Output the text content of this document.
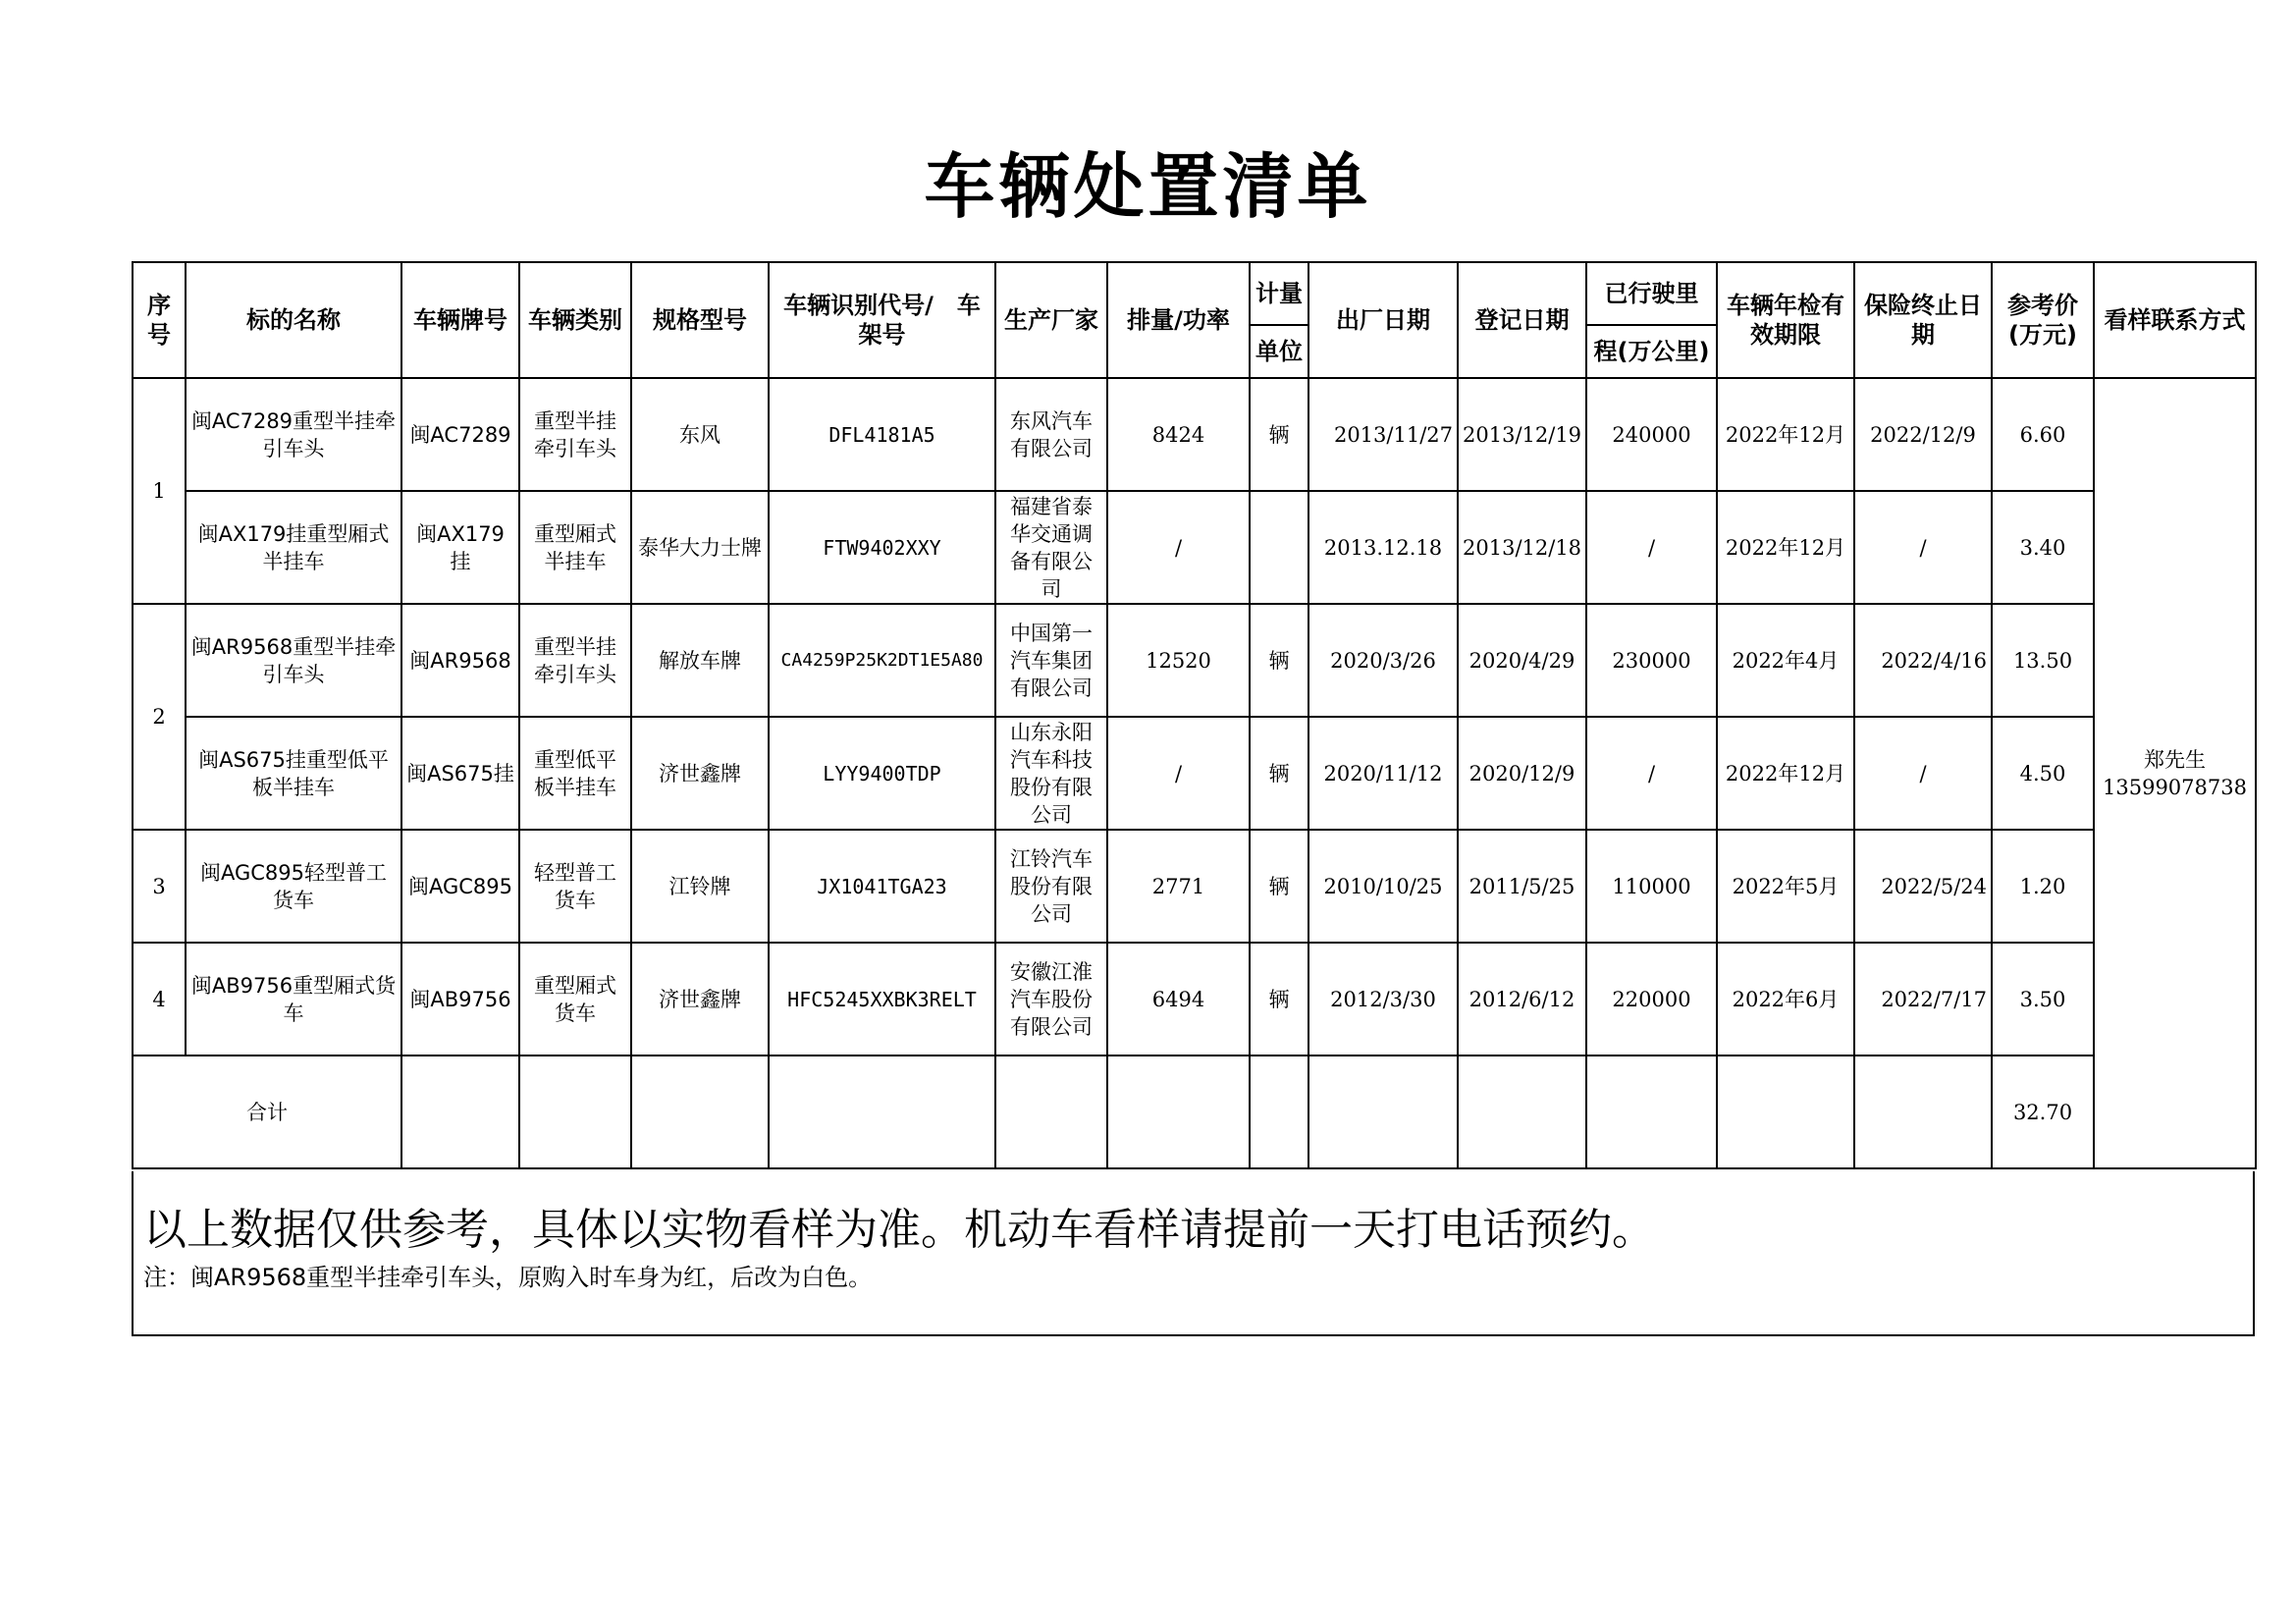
车辆处置清单
序号	标的名称	车辆牌号	车辆类别	规格型号	车辆识别代号/　车架号	生产厂家	排量/功率	计量	出厂日期	登记日期	已行驶里	车辆年检有效期限	保险终止日期	参考价(万元)	看样联系方式
								单位			程(万公里)				
1	闽AC7289重型半挂牵引车头	闽AC7289	重型半挂牵引车头	东风	DFL4181A5	东风汽车有限公司	8424	辆	2013/11/27	2013/12/19	240000	2022年12月	2022/12/9	6.60	郑先生
13599078738

	闽AX179挂重型厢式半挂车	闽AX179挂	重型厢式半挂车	泰华大力士牌	FTW9402XXY	福建省泰华交通调备有限公司	/		2013.12.18	2013/12/18	/	2022年12月	/	3.40	
2	闽AR9568重型半挂牵引车头	闽AR9568	重型半挂牵引车头	解放车牌	CA4259P25K2DT1E5A80	中国第一汽车集团有限公司	12520	辆	2020/3/26	2020/4/29	230000	2022年4月	2022/4/16	13.50	
	闽AS675挂重型低平板半挂车	闽AS675挂	重型低平板半挂车	济世鑫牌	LYY9400TDP	山东永阳汽车科技股份有限公司	/	辆	2020/11/12	2020/12/9	/	2022年12月	/	4.50	
3	闽AGC895轻型普工货车	闽AGC895	轻型普工货车	江铃牌	JX1041TGA23	江铃汽车股份有限公司	2771	辆	2010/10/25	2011/5/25	110000	2022年5月	2022/5/24	1.20	
4	闽AB9756重型厢式货车	闽AB9756	重型厢式货车	济世鑫牌	HFC5245XXBK3RELT	安徽江淮汽车股份有限公司	6494	辆	2012/3/30	2012/6/12	220000	2022年6月	2022/7/17	3.50	
合计														32.70	
以上数据仅供参考，具体以实物看样为准。机动车看样请提前一天打电话预约。
注：闽AR9568重型半挂牵引车头，原购入时车身为红，后改为白色。
